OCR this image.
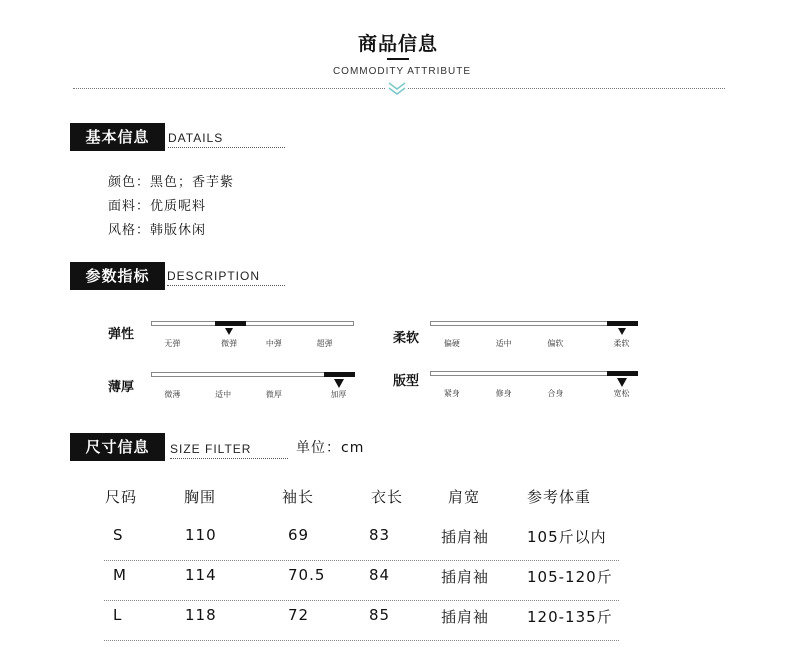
商品信息
COMMODITY ATTRIBUTE
基本信息	DATAILS
颜色：黑色；香芋紫
面料：优质呢料
风格：韩版休闲
参数指标	DESCRIPTION
弹性
无弹	微弹	中弹	超弹	柔软	偏硬	适中	偏软	柔软
薄厚	微薄	适中	微厚	加厚
版型
紧身	修身	合身	宽松
尺寸信息	SIZE FILTER	单位：cm
尺码	胸围	袖长	衣长	肩宽	参考体重
S	110	69	83	插肩袖	105斤以内
M	114	70.5	84	插肩袖	105-120斤
L	118	72	85	插肩袖	120-135斤
